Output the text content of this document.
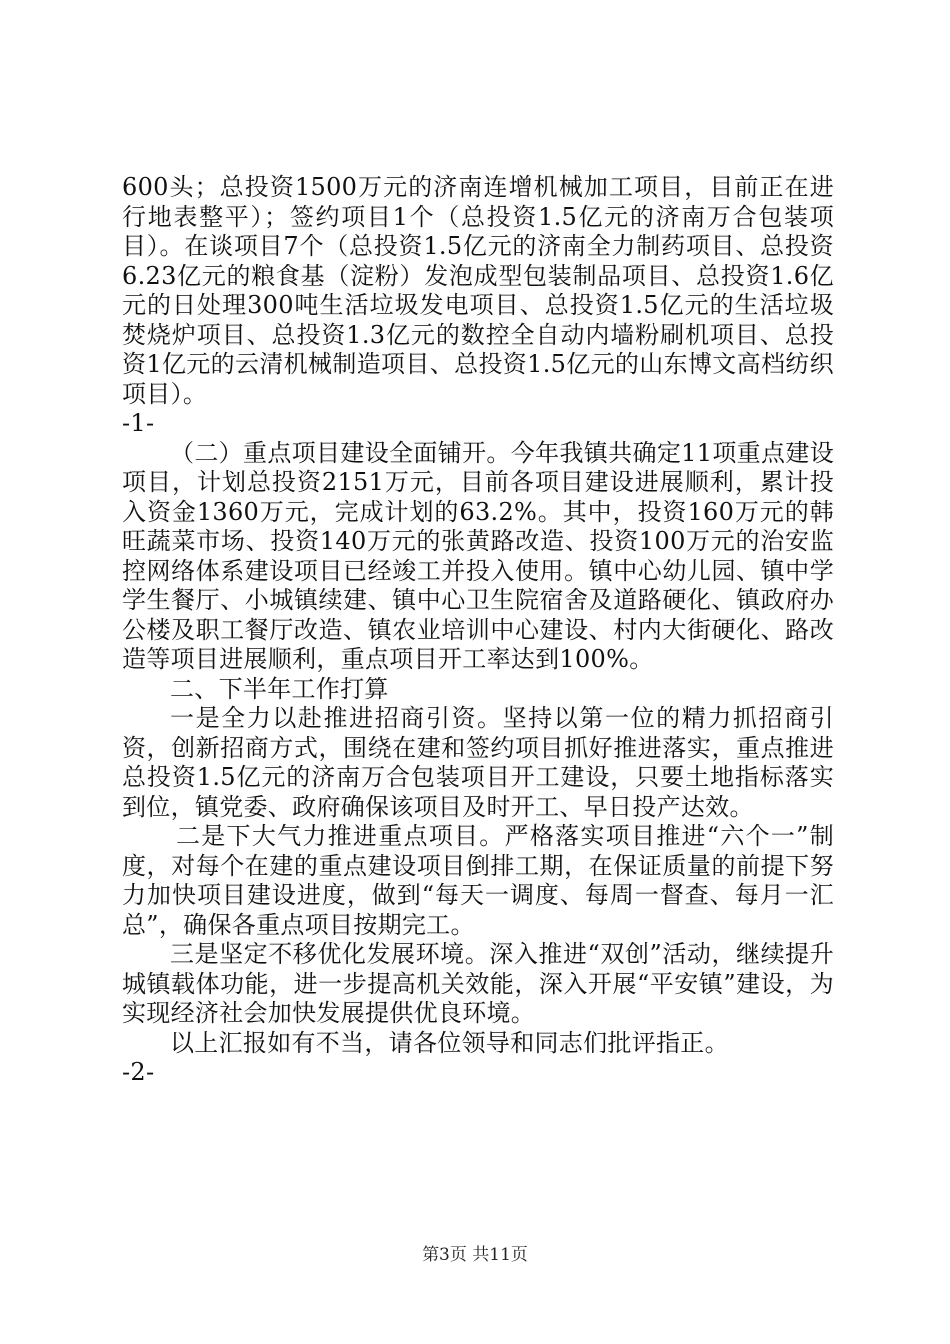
600头；总投资1500万元的济南连增机械加工项目，目前正在进行地表整平）；签约项目1个（总投资1.5亿元的济南万合包装项目）。在谈项目7个（总投资1.5亿元的济南全力制药项目、总投资6.23亿元的粮食基（淀粉）发泡成型包装制品项目、总投资1.6亿元的日处理300吨生活垃圾发电项目、总投资1.5亿元的生活垃圾焚烧炉项目、总投资1.3亿元的数控全自动内墙粉刷机项目、总投资1亿元的云清机械制造项目、总投资1.5亿元的山东博文高档纺织项目）。

-1-

（二）重点项目建设全面铺开。今年我镇共确定11项重点建设项目，计划总投资2151万元，目前各项目建设进展顺利，累计投入资金1360万元，完成计划的63.2%。其中，投资160万元的韩旺蔬菜市场、投资140万元的张黄路改造、投资100万元的治安监控网络体系建设项目已经竣工并投入使用。镇中心幼儿园、镇中学学生餐厅、小城镇续建、镇中心卫生院宿舍及道路硬化、镇政府办公楼及职工餐厅改造、镇农业培训中心建设、村内大街硬化、路改造等项目进展顺利，重点项目开工率达到100%。

二、下半年工作打算

一是全力以赴推进招商引资。坚持以第一位的精力抓招商引资，创新招商方式，围绕在建和签约项目抓好推进落实，重点推进总投资1.5亿元的济南万合包装项目开工建设，只要土地指标落实到位，镇党委、政府确保该项目及时开工、早日投产达效。

二是下大气力推进重点项目。严格落实项目推进“六个一”制度，对每个在建的重点建设项目倒排工期，在保证质量的前提下努力加快项目建设进度，做到“每天一调度、每周一督查、每月一汇总”，确保各重点项目按期完工。

三是坚定不移优化发展环境。深入推进“双创”活动，继续提升城镇载体功能，进一步提高机关效能，深入开展“平安镇”建设，为实现经济社会加快发展提供优良环境。

以上汇报如有不当，请各位领导和同志们批评指正。

-2-

第3页 共11页
